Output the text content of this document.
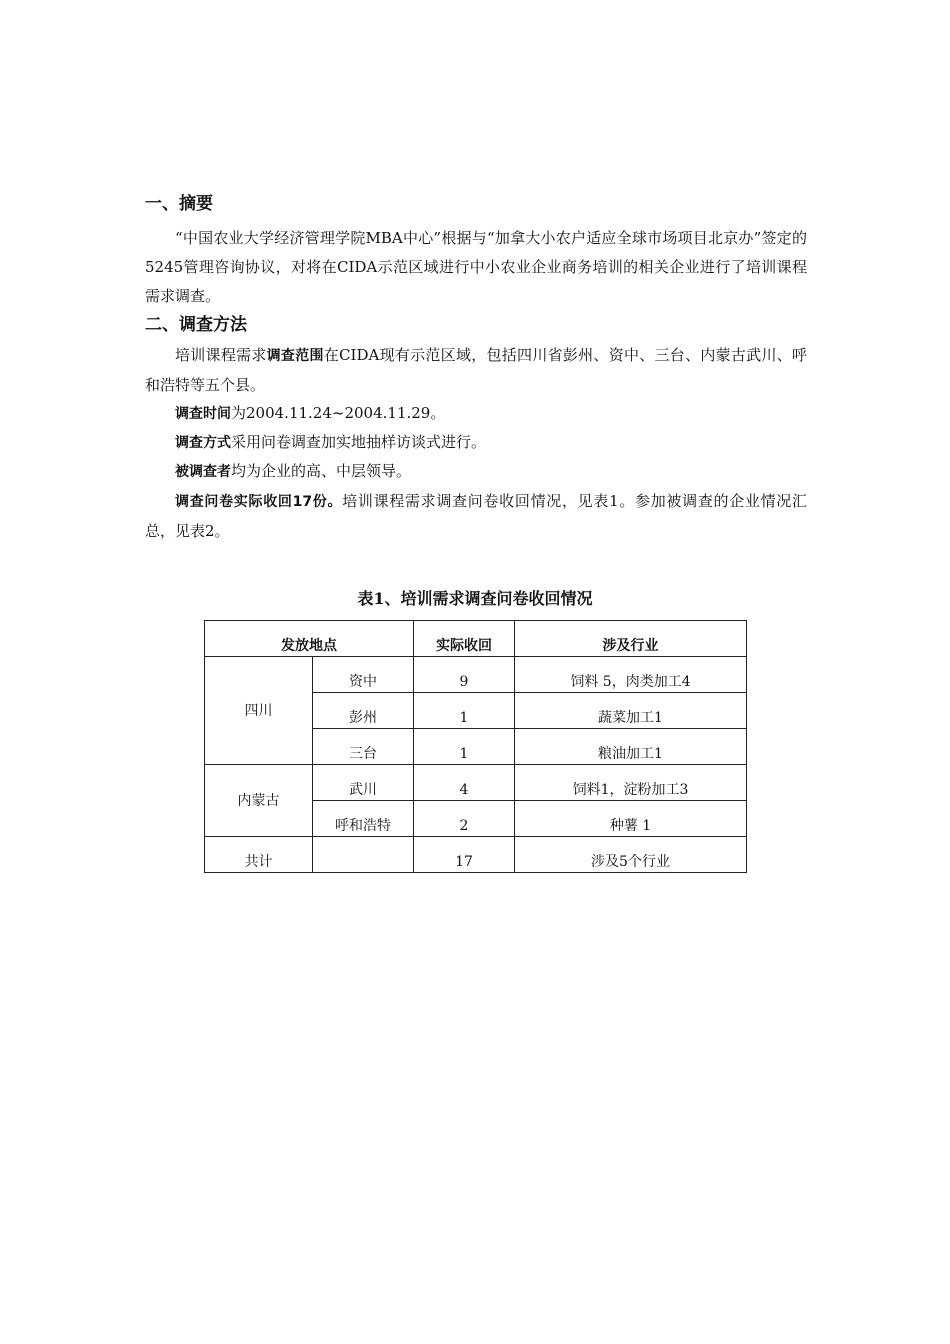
一、摘要
“中国农业大学经济管理学院MBA中心”根据与“加拿大小农户适应全球市场项目北京办”签定的5245管理咨询协议，对将在CIDA示范区域进行中小农业企业商务培训的相关企业进行了培训课程需求调查。
二、调查方法
培训课程需求调查范围在CIDA现有示范区域，包括四川省彭州、资中、三台、内蒙古武川、呼和浩特等五个县。
调查时间为2004.11.24~2004.11.29。
调查方式采用问卷调查加实地抽样访谈式进行。
被调查者均为企业的高、中层领导。
调查问卷实际收回17份。培训课程需求调查问卷收回情况，见表1。参加被调查的企业情况汇总，见表2。
表1、培训需求调查问卷收回情况
发放地点		实际收回	涉及行业
四川	资中	9	饲料 5，肉类加工4
	彭州	1	蔬菜加工1
	三台	1	粮油加工1
内蒙古	武川	4	饲料1，淀粉加工3
	呼和浩特	2	种薯 1
共计		17	涉及5个行业
